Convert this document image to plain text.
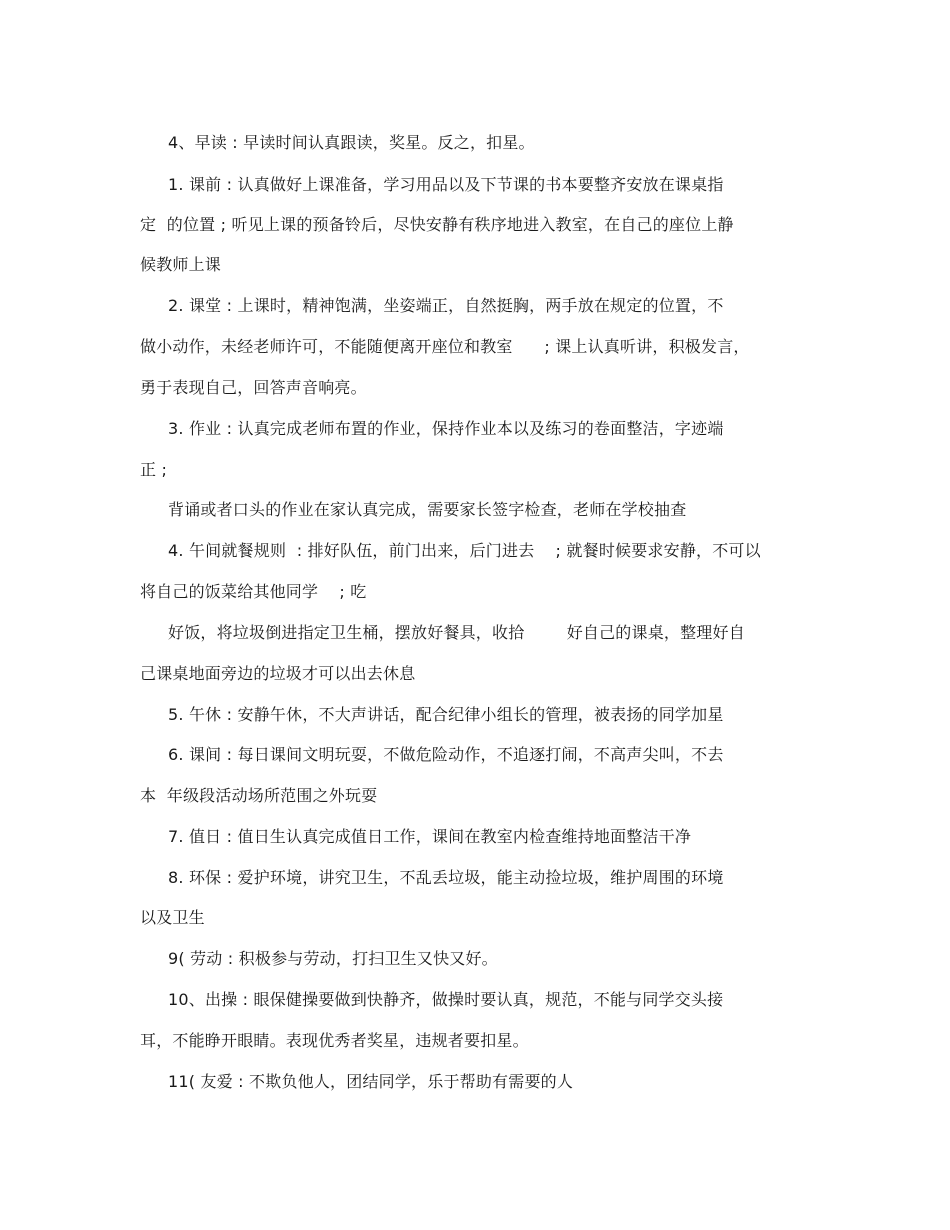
4、早读 : 早读时间认真跟读，奖星。反之，扣星。
1. 课前 : 认真做好上课准备，学习用品以及下节课的书本要整齐安放在课桌指
定  的位置 ; 听见上课的预备铃后，尽快安静有秩序地进入教室，在自己的座位上静
候教师上课
2. 课堂 : 上课时，精神饱满，坐姿端正，自然挺胸，两手放在规定的位置，不
做小动作，未经老师许可，不能随便离开座位和教室      ; 课上认真听讲，积极发言，
勇于表现自己，回答声音响亮。
3. 作业 : 认真完成老师布置的作业，保持作业本以及练习的卷面整洁，字迹端
正 ;
背诵或者口头的作业在家认真完成，需要家长签字检查，老师在学校抽查
4. 午间就餐规则  : 排好队伍，前门出来，后门进去    ; 就餐时候要求安静，不可以
将自己的饭菜给其他同学    ; 吃
好饭，将垃圾倒进指定卫生桶，摆放好餐具，收拾        好自己的课桌，整理好自
己课桌地面旁边的垃圾才可以出去休息
5. 午休 : 安静午休，不大声讲话，配合纪律小组长的管理，被表扬的同学加星
6. 课间 : 每日课间文明玩耍，不做危险动作，不追逐打闹，不高声尖叫，不去
本  年级段活动场所范围之外玩耍
7. 值日 : 值日生认真完成值日工作，课间在教室内检查维持地面整洁干净
8. 环保 : 爱护环境，讲究卫生，不乱丢垃圾，能主动捡垃圾，维护周围的环境
以及卫生
9( 劳动 : 积极参与劳动，打扫卫生又快又好。
10、出操 : 眼保健操要做到快静齐，做操时要认真，规范，不能与同学交头接
耳，不能睁开眼睛。表现优秀者奖星，违规者要扣星。
11( 友爱 : 不欺负他人，团结同学，乐于帮助有需要的人
